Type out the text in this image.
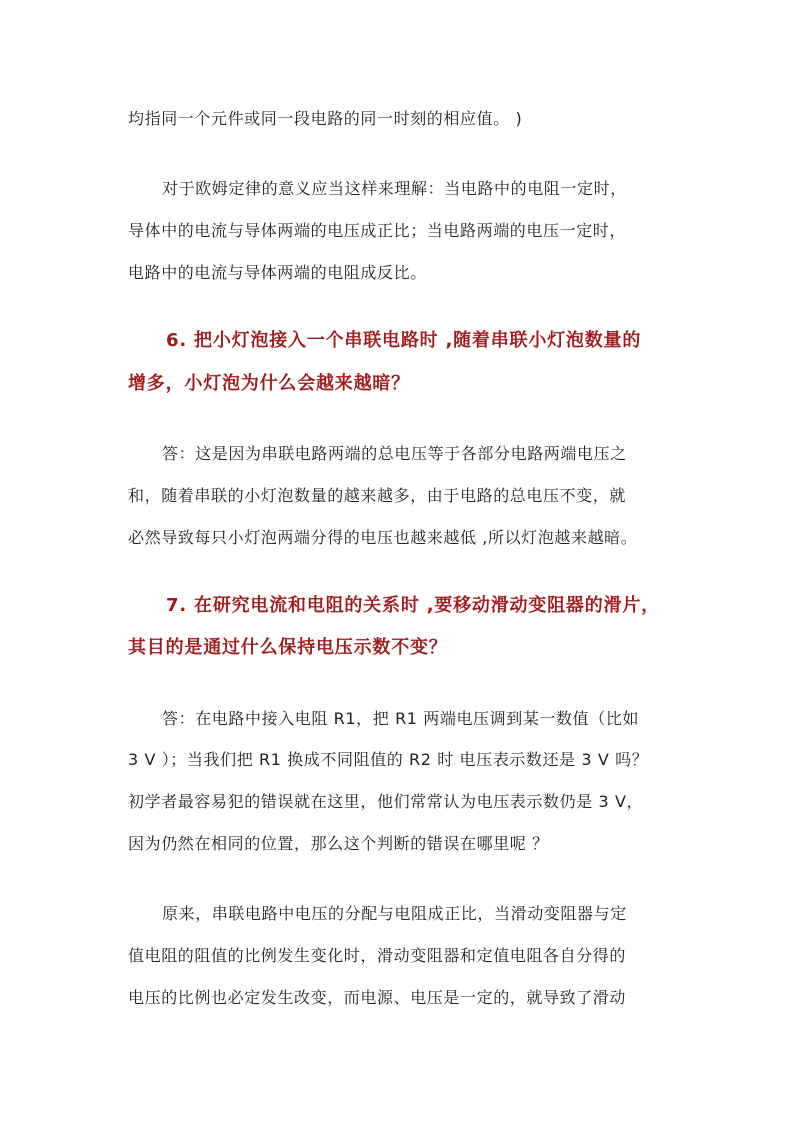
均指同一个元件或同一段电路的同一时刻的相应值。 )
对于欧姆定律的意义应当这样来理解：当电路中的电阻一定时，
导体中的电流与导体两端的电压成正比；当电路两端的电压一定时，
电路中的电流与导体两端的电阻成反比。
6. 把小灯泡接入一个串联电路时 ,随着串联小灯泡数量的
增多，小灯泡为什么会越来越暗？
答：这是因为串联电路两端的总电压等于各部分电路两端电压之
和，随着串联的小灯泡数量的越来越多，由于电路的总电压不变，就
必然导致每只小灯泡两端分得的电压也越来越低 ,所以灯泡越来越暗。
7. 在研究电流和电阻的关系时 ,要移动滑动变阻器的滑片，
其目的是通过什么保持电压示数不变？
答：在电路中接入电阻 R1，把 R1 两端电压调到某一数值（比如
3 V ）；当我们把 R1 换成不同阻值的 R2 时 电压表示数还是 3 V 吗？
初学者最容易犯的错误就在这里，他们常常认为电压表示数仍是 3 V，
因为仍然在相同的位置，那么这个判断的错误在哪里呢 ？
原来，串联电路中电压的分配与电阻成正比，当滑动变阻器与定
值电阻的阻值的比例发生变化时，滑动变阻器和定值电阻各自分得的
电压的比例也必定发生改变，而电源、电压是一定的，就导致了滑动
